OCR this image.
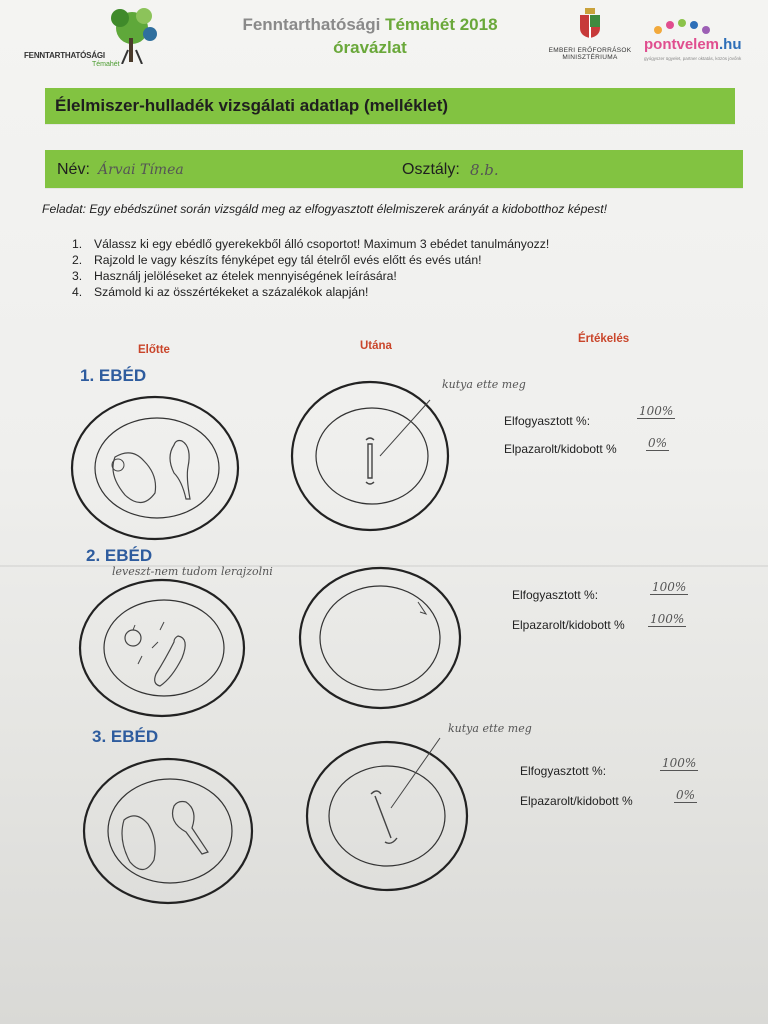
FENNTARTHATÓSÁGI
Témahét
Fenntarthatósági Témahét 2018
óravázlat	EMBERI ERŐFORRÁSOK
MINISZTÉRIUMA
pontvelem.hu
gyógyszer ügyelet, partner oktatás, közös jövőnk
Élelmiszer-hulladék vizsgálati adatlap (melléklet)
Név: Árvai Tímea	Osztály: 8.b.
Feladat: Egy ebédszünet során vizsgáld meg az elfogyasztott élelmiszerek arányát a kidobotthoz képest!
1. Válassz ki egy ebédlő gyerekekből álló csoportot! Maximum 3 ebédet tanulmányozz!
2. Rajzold le vagy készíts fényképet egy tál ételről evés előtt és evés után!
3. Használj jelöléseket az ételek mennyiségének leírására!
4. Számold ki az összértékeket a százalékok alapján!
Előtte	Utána
Értékelés
1. EBÉD	kutya ette meg
Elfogyasztott %:
100%
Elpazarolt/kidobott %	0%
2. EBÉD
leveszt-nem tudom lerajzolni
Elfogyasztott %:
100%
Elpazarolt/kidobott % 100%
3. EBÉD	kutya ette meg
Elfogyasztott %:
100%
Elpazarolt/kidobott %	0%
